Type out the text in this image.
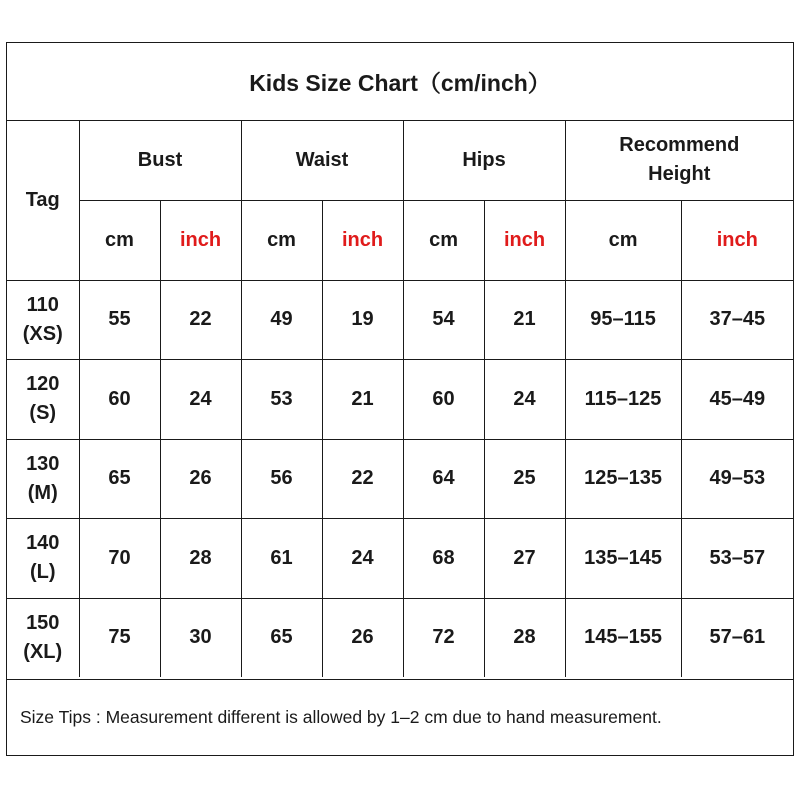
Kids Size Chart（cm/inch）
Tag	Bust		Waist		Hips		Recommend
Height	
	cm	inch	cm	inch	cm	inch	cm	inch

110
(XS)	55	22	49	19	54	21	95–115	37–45

120
(S)	60	24	53	21	60	24	115–125	45–49

130
(M)	65	26	56	22	64	25	125–135	49–53

140
(L)	70	28	61	24	68	27	135–145	53–57

150
(XL)	75	30	65	26	72	28	145–155	57–61
Size Tips : Measurement different is allowed by 1–2 cm due to hand measurement.
